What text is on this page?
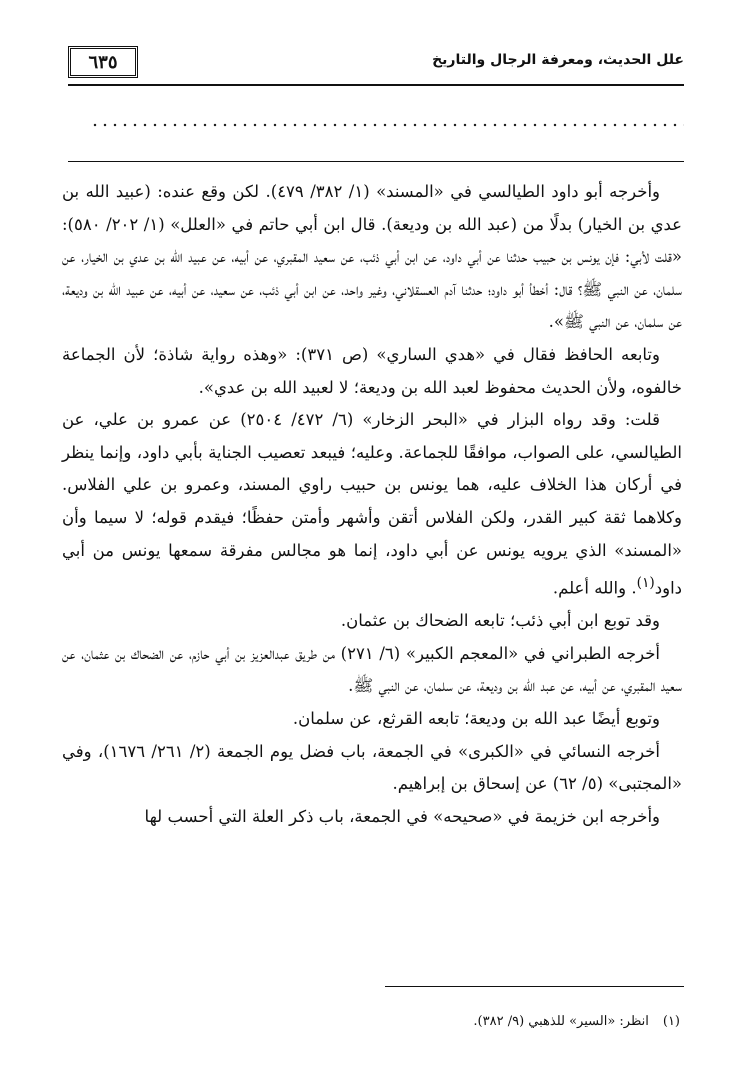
٦٣٥	علل الحديث، ومعرفة الرجال والتاريخ

وأخرجه أبو داود الطيالسي في «المسند» (١/ ٣٨٢/ ٤٧٩). لكن وقع عنده: (عبيد الله بن عدي بن الخيار) بدلًا من (عبد الله بن وديعة). قال ابن أبي حاتم في «العلل» (١/ ٢٠٢/ ٥٨٠): «قلت لأبي: فإن يونس بن حبيب حدثنا عن أبي داود، عن ابن أبي ذئب، عن سعيد المقبري، عن أبيه، عن عبيد الله بن عدي بن الخيار، عن سلمان، عن النبي ﷺ؟ قال: أخطأ أبو داود؛ حدثنا آدم العسقلاني، وغير واحد، عن ابن أبي ذئب، عن سعيد، عن أبيه، عن عبيد الله بن وديعة، عن سلمان، عن النبي ﷺ».

وتابعه الحافظ فقال في «هدي الساري» (ص ٣٧١): «وهذه رواية شاذة؛ لأن الجماعة خالفوه، ولأن الحديث محفوظ لعبد الله بن وديعة؛ لا لعبيد الله بن عدي».

قلت: وقد رواه البزار في «البحر الزخار» (٦/ ٤٧٢/ ٢٥٠٤) عن عمرو بن علي، عن الطيالسي، على الصواب، موافقًا للجماعة. وعليه؛ فيبعد تعصيب الجناية بأبي داود، وإنما ينظر في أركان هذا الخلاف عليه، هما يونس بن حبيب راوي المسند، وعمرو بن علي الفلاس. وكلاهما ثقة كبير القدر، ولكن الفلاس أتقن وأشهر وأمتن حفظًا؛ فيقدم قوله؛ لا سيما وأن «المسند» الذي يرويه يونس عن أبي داود، إنما هو مجالس مفرقة سمعها يونس من أبي داود$^{(١)}$. والله أعلم.

وقد توبع ابن أبي ذئب؛ تابعه الضحاك بن عثمان.

أخرجه الطبراني في «المعجم الكبير» (٦/ ٢٧١) من طريق عبدالعزيز بن أبي حازم، عن الضحاك بن عثمان، عن سعيد المقبري، عن أبيه، عن عبد الله بن وديعة، عن سلمان، عن النبي ﷺ.

وتوبع أيضًا عبد الله بن وديعة؛ تابعه القرثع، عن سلمان.

أخرجه النسائي في «الكبرى» في الجمعة، باب فضل يوم الجمعة (٢/ ٢٦١/ ١٦٧٦)، وفي «المجتبى» (٥/ ٦٢) عن إسحاق بن إبراهيم.

وأخرجه ابن خزيمة في «صحيحه» في الجمعة، باب ذكر العلة التي أحسب لها

(١)انظر: «السير» للذهبي (٩/ ٣٨٢).
